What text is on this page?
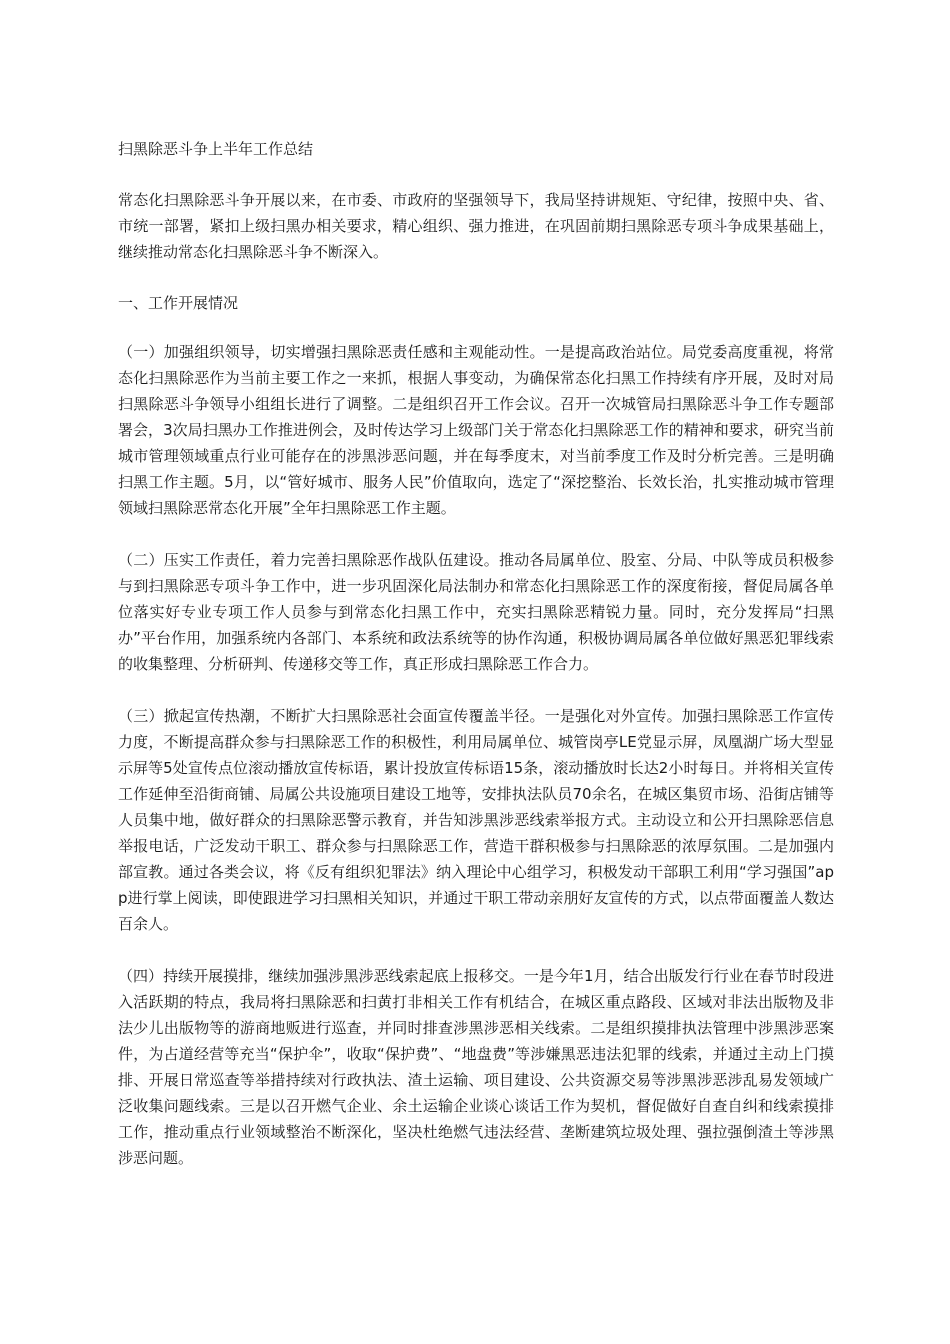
扫黑除恶斗争上半年工作总结

常态化扫黑除恶斗争开展以来，在市委、市政府的坚强领导下，我局坚持讲规矩、守纪律，按照中央、省、市统一部署，紧扣上级扫黑办相关要求，精心组织、强力推进，在巩固前期扫黑除恶专项斗争成果基础上，继续推动常态化扫黑除恶斗争不断深入。

一、工作开展情况

（一）加强组织领导，切实增强扫黑除恶责任感和主观能动性。一是提高政治站位。局党委高度重视，将常态化扫黑除恶作为当前主要工作之一来抓，根据人事变动，为确保常态化扫黑工作持续有序开展，及时对局扫黑除恶斗争领导小组组长进行了调整。二是组织召开工作会议。召开一次城管局扫黑除恶斗争工作专题部署会，3次局扫黑办工作推进例会，及时传达学习上级部门关于常态化扫黑除恶工作的精神和要求，研究当前城市管理领域重点行业可能存在的涉黑涉恶问题，并在每季度末，对当前季度工作及时分析完善。三是明确扫黑工作主题。5月，以“管好城市、服务人民”价值取向，选定了“深挖整治、长效长治，扎实推动城市管理领域扫黑除恶常态化开展”全年扫黑除恶工作主题。

（二）压实工作责任，着力完善扫黑除恶作战队伍建设。推动各局属单位、股室、分局、中队等成员积极参与到扫黑除恶专项斗争工作中，进一步巩固深化局法制办和常态化扫黑除恶工作的深度衔接，督促局属各单位落实好专业专项工作人员参与到常态化扫黑工作中，充实扫黑除恶精锐力量。同时，充分发挥局“扫黑办”平台作用，加强系统内各部门、本系统和政法系统等的协作沟通，积极协调局属各单位做好黑恶犯罪线索的收集整理、分析研判、传递移交等工作，真正形成扫黑除恶工作合力。

（三）掀起宣传热潮，不断扩大扫黑除恶社会面宣传覆盖半径。一是强化对外宣传。加强扫黑除恶工作宣传力度，不断提高群众参与扫黑除恶工作的积极性，利用局属单位、城管岗亭LE党显示屏，凤凰湖广场大型显示屏等5处宣传点位滚动播放宣传标语，累计投放宣传标语15条，滚动播放时长达2小时每日。并将相关宣传工作延伸至沿街商铺、局属公共设施项目建设工地等，安排执法队员70余名，在城区集贸市场、沿街店铺等人员集中地，做好群众的扫黑除恶警示教育，并告知涉黑涉恶线索举报方式。主动设立和公开扫黑除恶信息举报电话，广泛发动干职工、群众参与扫黑除恶工作，营造干群积极参与扫黑除恶的浓厚氛围。二是加强内部宣教。通过各类会议，将《反有组织犯罪法》纳入理论中心组学习，积极发动干部职工利用“学习强国”app进行掌上阅读，即使跟进学习扫黑相关知识，并通过干职工带动亲朋好友宣传的方式，以点带面覆盖人数达百余人。

（四）持续开展摸排，继续加强涉黑涉恶线索起底上报移交。一是今年1月，结合出版发行行业在春节时段进入活跃期的特点，我局将扫黑除恶和扫黄打非相关工作有机结合，在城区重点路段、区域对非法出版物及非法少儿出版物等的游商地贩进行巡查，并同时排查涉黑涉恶相关线索。二是组织摸排执法管理中涉黑涉恶案件，为占道经营等充当“保护伞”，收取“保护费”、“地盘费”等涉嫌黑恶违法犯罪的线索，并通过主动上门摸排、开展日常巡查等举措持续对行政执法、渣土运输、项目建设、公共资源交易等涉黑涉恶涉乱易发领域广泛收集问题线索。三是以召开燃气企业、余土运输企业谈心谈话工作为契机，督促做好自查自纠和线索摸排工作，推动重点行业领域整治不断深化，坚决杜绝燃气违法经营、垄断建筑垃圾处理、强拉强倒渣土等涉黑涉恶问题。
